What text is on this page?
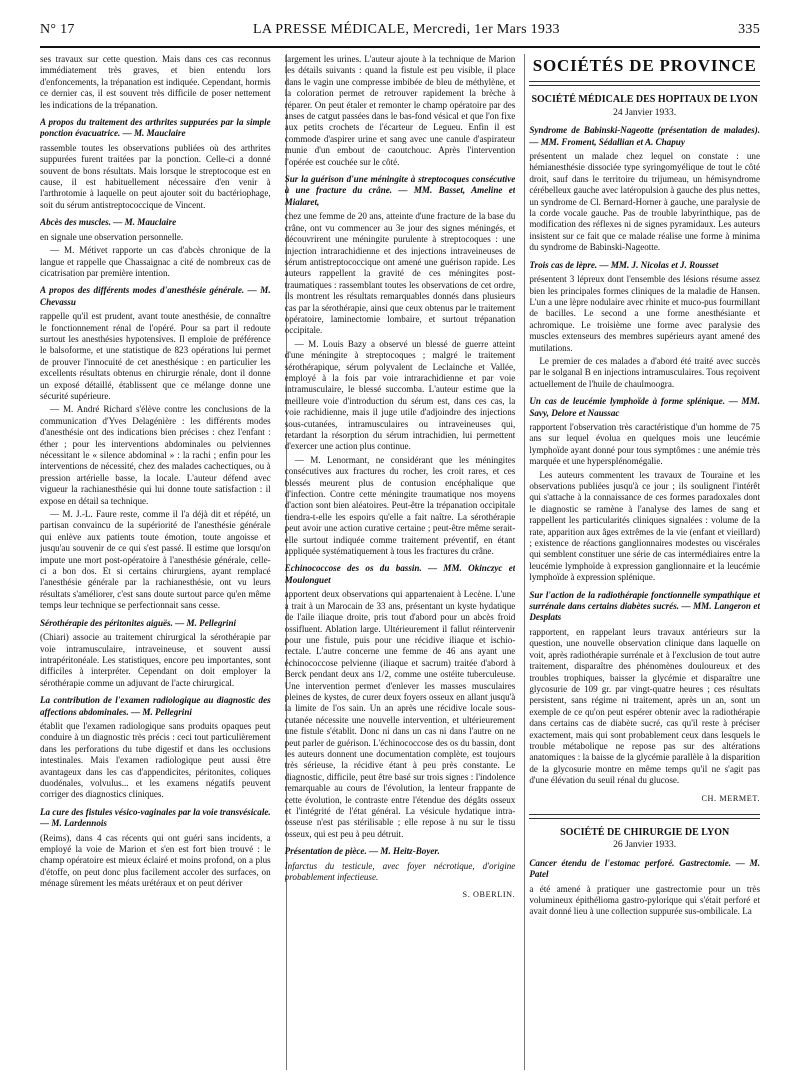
N° 17	LA PRESSE MÉDICALE, Mercredi, 1er Mars 1933	335

ses travaux sur cette question. Mais dans ces cas reconnus immédiatement très graves, et bien entendu lors d'enfoncements, la trépanation est indiquée. Cependant, hormis ce dernier cas, il est souvent très difficile de poser nettement les indications de la trépanation.

A propos du traitement des arthrites suppurées par la simple ponction évacuatrice. — M. Mauclaire

rassemble toutes les observations publiées où des arthrites suppurées furent traitées par la ponction. Celle-ci a donné souvent de bons résultats. Mais lorsque le streptocoque est en cause, il est habituellement nécessaire d'en venir à l'arthrotomie à laquelle on peut ajouter soit du bactériophage, soit du sérum antistreptococcique de Vincent.

Abcès des muscles. — M. Mauclaire

en signale une observation personnelle.

— M. Métivet rapporte un cas d'abcès chronique de la langue et rappelle que Chassaignac a cité de nombreux cas de cicatrisation par première intention.

A propos des différents modes d'anesthésie générale. — M. Chevassu

rappelle qu'il est prudent, avant toute anesthésie, de connaître le fonctionnement rénal de l'opéré. Pour sa part il redoute surtout les anesthésies hypotensives. Il emploie de préférence le balsoforme, et une statistique de 823 opérations lui permet de prouver l'innocuité de cet anesthésique : en particulier les excellents résultats obtenus en chirurgie rénale, dont il donne un exposé détaillé, établissent que ce mélange donne une sécurité supérieure.

— M. André Richard s'élève contre les conclusions de la communication d'Yves Delagénière : les différents modes d'anesthésie ont des indications bien précises : chez l'enfant : éther ; pour les interventions abdominales ou pelviennes nécessitant le « silence abdominal » : la rachi ; enfin pour les interventions de nécessité, chez des malades cachectiques, ou à pression artérielle basse, la locale. L'auteur défend avec vigueur la rachianesthésie qui lui donne toute satisfaction : il expose en détail sa technique.

— M. J.-L. Faure reste, comme il l'a déjà dit et répété, un partisan convaincu de la supériorité de l'anesthésie générale qui enlève aux patients toute émotion, toute angoisse et jusqu'au souvenir de ce qui s'est passé. Il estime que lorsqu'on impute une mort post-opératoire à l'anesthésie générale, celle-ci a bon dos. Et si certains chirurgiens, ayant remplacé l'anesthésie générale par la rachianesthésie, ont vu leurs résultats s'améliorer, c'est sans doute surtout parce qu'en même temps leur technique se perfectionnait sans cesse.

Sérothérapie des péritonites aiguës. — M. Pellegrini

(Chiari) associe au traitement chirurgical la sérothérapie par voie intramusculaire, intraveineuse, et souvent aussi intrapéritonéale. Les statistiques, encore peu importantes, sont difficiles à interpréter. Cependant on doit employer la sérothérapie comme un adjuvant de l'acte chirurgical.

La contribution de l'examen radiologique au diagnostic des affections abdominales. — M. Pellegrini

établit que l'examen radiologique sans produits opaques peut conduire à un diagnostic très précis : ceci tout particulièrement dans les perforations du tube digestif et dans les occlusions intestinales. Mais l'examen radiologique peut aussi être avantageux dans les cas d'appendicites, péritonites, coliques duodénales, volvulus... et les examens négatifs peuvent corriger des diagnostics cliniques.

La cure des fistules vésico-vaginales par la voie transvésicale. — M. Lardennois

(Reims), dans 4 cas récents qui ont guéri sans incidents, a employé la voie de Marion et s'en est fort bien trouvé : le champ opératoire est mieux éclairé et moins profond, on a plus d'étoffe, on peut donc plus facilement accoler des surfaces, on ménage sûrement les méats urétéraux et on peut dériver

largement les urines. L'auteur ajoute à la technique de Marion les détails suivants : quand la fistule est peu visible, il place dans le vagin une compresse imbibée de bleu de méthylène, et la coloration permet de retrouver rapidement la brèche à réparer. On peut étaler et remonter le champ opératoire par des anses de catgut passées dans le bas-fond vésical et que l'on fixe aux petits crochets de l'écarteur de Legueu. Enfin il est commode d'aspirer urine et sang avec une canule d'aspirateur munie d'un embout de caoutchouc. Après l'intervention l'opérée est couchée sur le côté.

Sur la guérison d'une méningite à streptocoques consécutive à une fracture du crâne. — MM. Basset, Ameline et Mialaret,

chez une femme de 20 ans, atteinte d'une fracture de la base du crâne, ont vu commencer au 3e jour des signes méningés, et découvrirent une méningite purulente à streptocoques : une injection intrarachidienne et des injections intraveineuses de sérum antistreptococcique ont amené une guérison rapide. Les auteurs rappellent la gravité de ces méningites post-traumatiques : rassemblant toutes les observations de cet ordre, ils montrent les résultats remarquables donnés dans plusieurs cas par la sérothérapie, ainsi que ceux obtenus par le traitement opératoire, laminectomie lombaire, et surtout trépanation occipitale.

— M. Louis Bazy a observé un blessé de guerre atteint d'une méningite à streptocoques ; malgré le traitement sérothérapique, sérum polyvalent de Leclainche et Vallée, employé à la fois par voie intrarachidienne et par voie intramusculaire, le blessé succomba. L'auteur estime que la meilleure voie d'introduction du sérum est, dans ces cas, la voie rachidienne, mais il juge utile d'adjoindre des injections sous-cutanées, intramusculaires ou intraveineuses qui, retardant la résorption du sérum intrachidien, lui permettent d'exercer une action plus continue.

— M. Lenormant, ne considérant que les méningites consécutives aux fractures du rocher, les croit rares, et ces blessés meurent plus de contusion encéphalique que d'infection. Contre cette méningite traumatique nos moyens d'action sont bien aléatoires. Peut-être la trépanation occipitale tiendra-t-elle les espoirs qu'elle a fait naître. La sérothérapie peut avoir une action curative certaine ; peut-être même serait-elle surtout indiquée comme traitement préventif, en étant appliquée systématiquement à tous les fractures du crâne.

Echinococcose des os du bassin. — MM. Okinczyc et Moulonguet

apportent deux observations qui appartenaient à Lecène. L'une a trait à un Marocain de 33 ans, présentant un kyste hydatique de l'aile iliaque droite, pris tout d'abord pour un abcès froid ossifluent. Ablation large. Ultérieurement il fallut réintervenir pour une fistule, puis pour une récidive iliaque et ischio-rectale. L'autre concerne une femme de 46 ans ayant une échinococcose pelvienne (iliaque et sacrum) traitée d'abord à Berck pendant deux ans 1/2, comme une ostéite tuberculeuse. Une intervention permet d'enlever les masses musculaires pleines de kystes, de curer deux foyers osseux en allant jusqu'à la limite de l'os sain. Un an après une récidive locale sous-cutanée nécessite une nouvelle intervention, et ultérieurement une fistule s'établit. Donc ni dans un cas ni dans l'autre on ne peut parler de guérison. L'échinococcose des os du bassin, dont les auteurs donnent une documentation complète, est toujours très sérieuse, la récidive étant à peu près constante. Le diagnostic, difficile, peut être basé sur trois signes : l'indolence remarquable au cours de l'évolution, la lenteur frappante de cette évolution, le contraste entre l'étendue des dégâts osseux et l'intégrité de l'état général. La vésicule hydatique intra-osseuse n'est pas stérilisable ; elle repose à nu sur le tissu osseux, qui est peu à peu détruit.

Présentation de pièce. — M. Heitz-Boyer.

Infarctus du testicule, avec foyer nécrotique, d'origine probablement infectieuse.

S. OBERLIN.
SOCIÉTÉS DE PROVINCE
SOCIÉTÉ MÉDICALE DES HOPITAUX DE LYON
24 Janvier 1933.
Syndrome de Babinski-Nageotte (présentation de malades). — MM. Froment, Sédallian et A. Chapuy

présentent un malade chez lequel on constate : une hémianesthésie dissociée type syringomyélique de tout le côté droit, sauf dans le territoire du trijumeau, un hémisyndrome cérébelleux gauche avec latéropulsion à gauche des plus nettes, un syndrome de Cl. Bernard-Horner à gauche, une paralysie de la corde vocale gauche. Pas de trouble labyrinthique, pas de modification des réflexes ni de signes pyramidaux. Les auteurs insistent sur ce fait que ce malade réalise une forme à minima du syndrome de Babinski-Nageotte.

Trois cas de lèpre. — MM. J. Nicolas et J. Rousset

présentent 3 lépreux dont l'ensemble des lésions résume assez bien les principales formes cliniques de la maladie de Hansen. L'un a une lèpre nodulaire avec rhinite et muco-pus fourmillant de bacilles. Le second a une forme anesthésiante et achromique. Le troisième une forme avec paralysie des muscles extenseurs des membres supérieurs ayant amené des mutilations.

Le premier de ces malades a d'abord été traité avec succès par le solganal B en injections intramusculaires. Tous reçoivent actuellement de l'huile de chaulmoogra.

Un cas de leucémie lymphoïde à forme splénique. — MM. Savy, Delore et Naussac

rapportent l'observation très caractéristique d'un homme de 75 ans sur lequel évolua en quelques mois une leucémie lymphoïde ayant donné pour tous symptômes : une anémie très marquée et une hypersplénomégalie.

Les auteurs commentent les travaux de Touraine et les observations publiées jusqu'à ce jour ; ils soulignent l'intérêt qui s'attache à la connaissance de ces formes paradoxales dont le diagnostic se ramène à l'analyse des lames de sang et rappellent les particularités cliniques signalées : volume de la rate, apparition aux âges extrêmes de la vie (enfant et vieillard) ; existence de réactions ganglionnaires modestes ou viscérales qui semblent constituer une série de cas intermédiaires entre la leucémie lymphoïde à expression ganglionnaire et la leucémie lymphoïde à expression splénique.

Sur l'action de la radiothérapie fonctionnelle sympathique et surrénale dans certains diabètes sucrés. — MM. Langeron et Desplats

rapportent, en rappelant leurs travaux antérieurs sur la question, une nouvelle observation clinique dans laquelle on voit, après radiothérapie surrénale et à l'exclusion de tout autre traitement, disparaître des phénomènes douloureux et des troubles trophiques, baisser la glycémie et disparaître une glycosurie de 109 gr. par vingt-quatre heures ; ces résultats persistent, sans régime ni traitement, après un an, sont un exemple de ce qu'on peut espérer obtenir avec la radiothérapie dans certains cas de diabète sucré, cas qu'il reste à préciser exactement, mais qui sont probablement ceux dans lesquels le trouble métabolique ne repose pas sur des altérations anatomiques : la baisse de la glycémie parallèle à la disparition de la glycosurie montre en même temps qu'il ne s'agit pas d'une élévation du seuil rénal du glucose.

CH. MERMET.
SOCIÉTÉ DE CHIRURGIE DE LYON
26 Janvier 1933.
Cancer étendu de l'estomac perforé. Gastrectomie. — M. Patel

a été amené à pratiquer une gastrectomie pour un très volumineux épithélioma gastro-pylorique qui s'était perforé et avait donné lieu à une collection suppurée sus-ombilicale. La
